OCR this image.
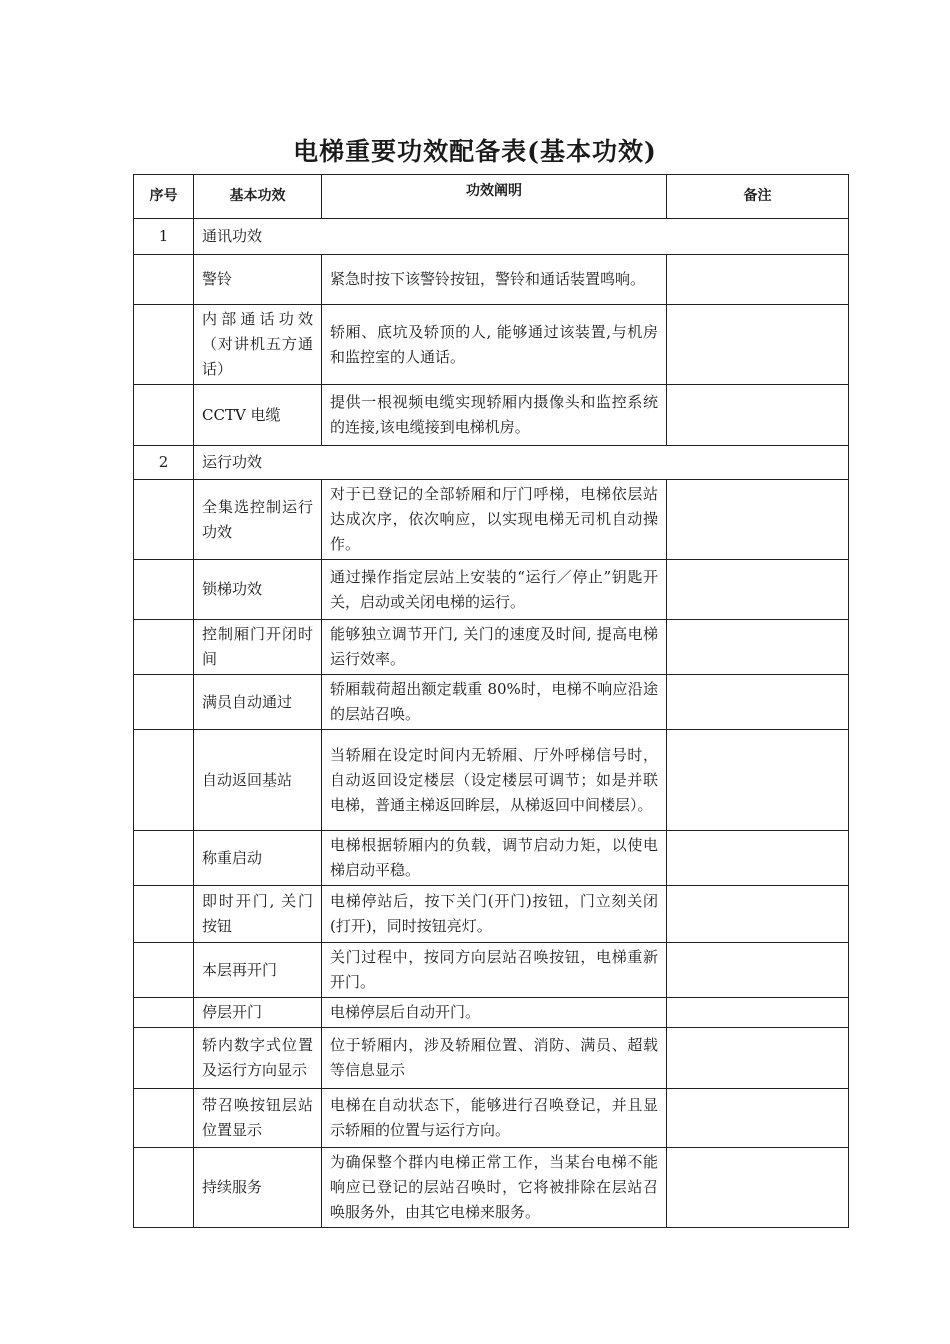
电梯重要功效配备表(基本功效)
序号	基本功效	功效阐明	备注
1	通讯功效		
	警铃	紧急时按下该警铃按钮，警铃和通话装置鸣响。	
	内部通话功效（对讲机五方通话）	轿厢、底坑及轿顶的人, 能够通过该装置,与机房和监控室的人通话。	
	CCTV 电缆	提供一根视频电缆实现轿厢内摄像头和监控系统的连接,该电缆接到电梯机房。	
2	运行功效		
	全集选控制运行功效	对于已登记的全部轿厢和厅门呼梯，电梯依层站达成次序，依次响应，以实现电梯无司机自动操作。	
	锁梯功效	通过操作指定层站上安装的“运行／停止”钥匙开关，启动或关闭电梯的运行。	
	控制厢门开闭时间	能够独立调节开门, 关门的速度及时间, 提高电梯运行效率。	
	满员自动通过	轿厢载荷超出额定载重 80%时，电梯不响应沿途的层站召唤。	
	自动返回基站	当轿厢在设定时间内无轿厢、厅外呼梯信号时，自动返回设定楼层（设定楼层可调节；如是并联电梯，普通主梯返回眸层，从梯返回中间楼层）。	
	称重启动	电梯根据轿厢内的负载，调节启动力矩，以使电梯启动平稳。	
	即时开门, 关门按钮	电梯停站后，按下关门(开门)按钮，门立刻关闭(打开)，同时按钮亮灯。	
	本层再开门	关门过程中，按同方向层站召唤按钮，电梯重新开门。	
	停层开门	电梯停层后自动开门。	
	轿内数字式位置及运行方向显示	位于轿厢内，涉及轿厢位置、消防、满员、超载等信息显示	
	带召唤按钮层站位置显示	电梯在自动状态下，能够进行召唤登记，并且显示轿厢的位置与运行方向。	
	持续服务	为确保整个群内电梯正常工作，当某台电梯不能响应已登记的层站召唤时，它将被排除在层站召唤服务外，由其它电梯来服务。	
